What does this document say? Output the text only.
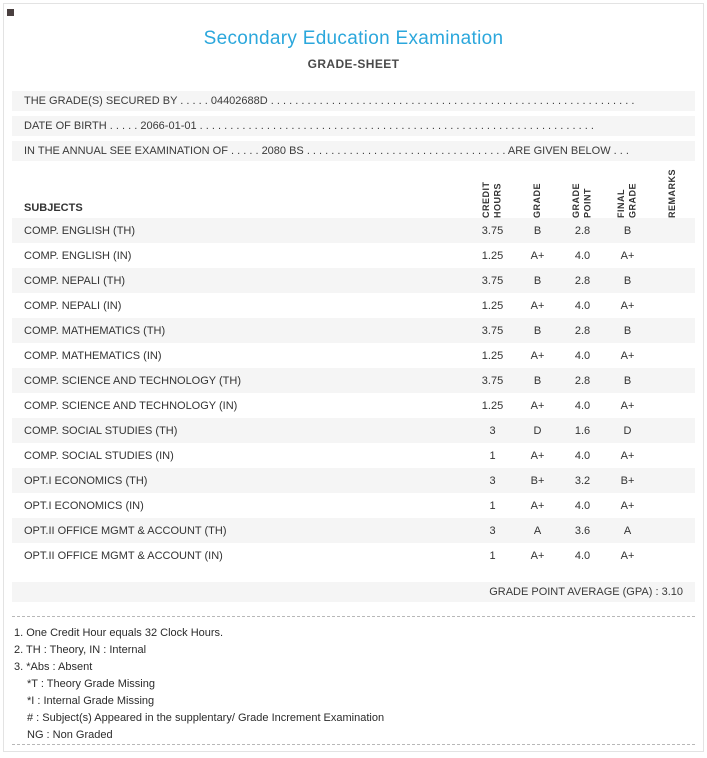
Secondary Education Examination
GRADE-SHEET
THE GRADE(S) SECURED BY . . . . . 04402688D . . . . . . . . . . . . . . . . . . . . . . . . . . . . . . . . . . . . . . . . . . . . . . . . . . . . . . . . . . . .
DATE OF BIRTH . . . . . 2066-01-01 . . . . . . . . . . . . . . . . . . . . . . . . . . . . . . . . . . . . . . . . . . . . . . . . . . . . . . . . . . . . . . . . .
IN THE ANNUAL SEE EXAMINATION OF . . . . . 2080 BS . . . . . . . . . . . . . . . . . . . . . . . . . . . . . . . . . ARE GIVEN BELOW . . .
SUBJECTS	CREDIT HOURS	GRADE	GRADE POINT	FINAL GRADE	REMARKS
COMP. ENGLISH (TH)	3.75	B	2.8	B
COMP. ENGLISH (IN)	1.25	A+	4.0	A+
COMP. NEPALI (TH)	3.75	B	2.8	B
COMP. NEPALI (IN)	1.25	A+	4.0	A+
COMP. MATHEMATICS (TH)	3.75	B	2.8	B
COMP. MATHEMATICS (IN)	1.25	A+	4.0	A+
COMP. SCIENCE AND TECHNOLOGY (TH)	3.75	B	2.8	B
COMP. SCIENCE AND TECHNOLOGY (IN)	1.25	A+	4.0	A+
COMP. SOCIAL STUDIES (TH)	3	D	1.6	D
COMP. SOCIAL STUDIES (IN)	1	A+	4.0	A+
OPT.I ECONOMICS (TH)	3	B+	3.2	B+
OPT.I ECONOMICS (IN)	1	A+	4.0	A+
OPT.II OFFICE MGMT & ACCOUNT (TH)	3	A	3.6	A
OPT.II OFFICE MGMT & ACCOUNT (IN)	1	A+	4.0	A+
GRADE POINT AVERAGE (GPA) : 3.10
1. One Credit Hour equals 32 Clock Hours.
2. TH : Theory, IN : Internal
3. *Abs : Absent
*T : Theory Grade Missing
*I : Internal Grade Missing
# : Subject(s) Appeared in the supplentary/ Grade Increment Examination
NG : Non Graded
